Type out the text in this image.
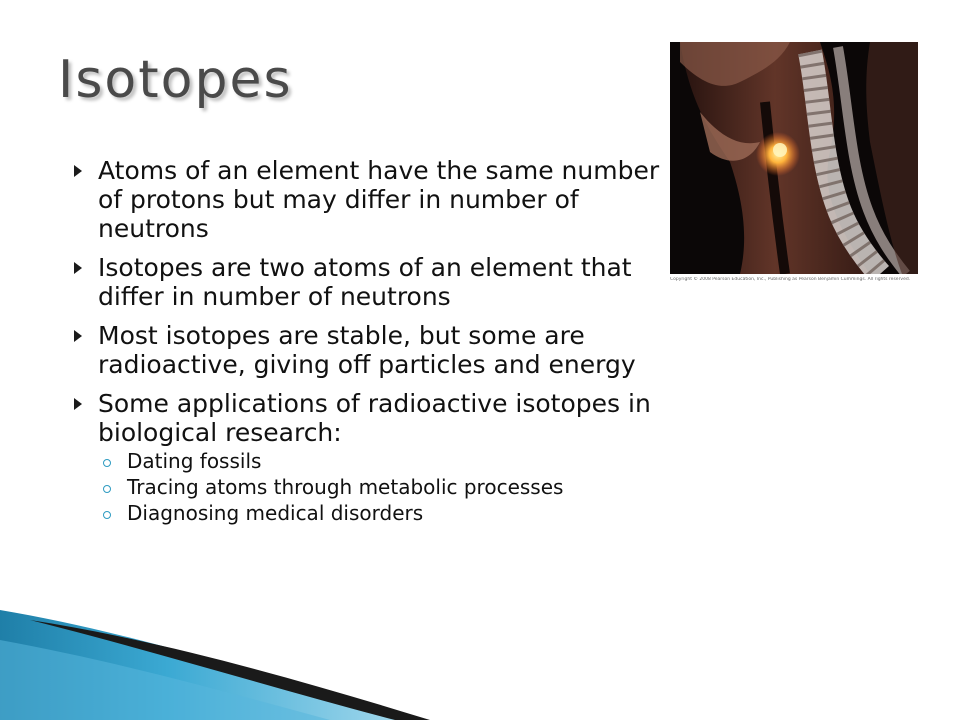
Isotopes
Atoms of an element have the same number of protons but may differ in number of neutrons
Isotopes are two atoms of an element that differ in number of neutrons
Most isotopes are stable, but some are radioactive, giving off particles and energy
Some applications of radioactive isotopes in biological research:
Dating fossils
Tracing atoms through metabolic processes
Diagnosing medical disorders
Copyright © 2008 Pearson Education, Inc., Publishing as Pearson Benjamin Cummings. All rights reserved.
